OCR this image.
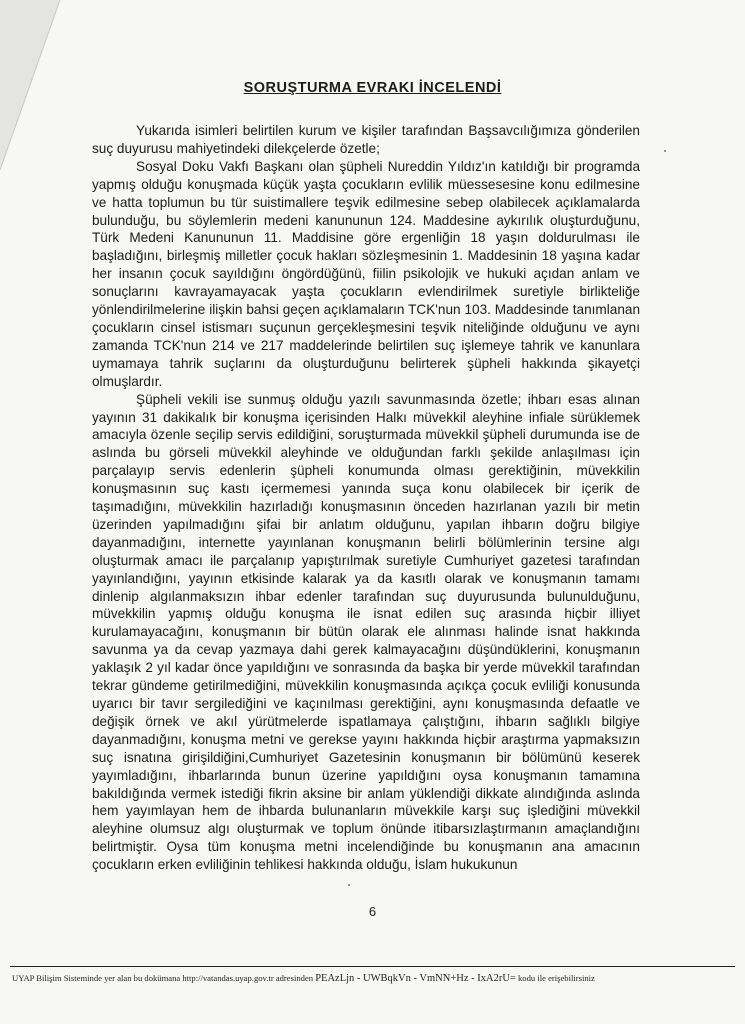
SORUŞTURMA EVRAKI İNCELENDİ

Yukarıda isimleri belirtilen kurum ve kişiler tarafından Başsavcılığımıza gönderilen suç duyurusu mahiyetindeki dilekçelerde özetle;

Sosyal Doku Vakfı Başkanı olan şüpheli Nureddin Yıldız'ın katıldığı bir programda yapmış olduğu konuşmada küçük yaşta çocukların evlilik müessesesine konu edilmesine ve hatta toplumun bu tür suistimallere teşvik edilmesine sebep olabilecek açıklamalarda bulunduğu, bu söylemlerin medeni kanununun 124. Maddesine aykırılık oluşturduğunu, Türk Medeni Kanununun 11. Maddisine göre ergenliğin 18 yaşın doldurulması ile başladığını, birleşmiş milletler çocuk hakları sözleşmesinin 1. Maddesinin 18 yaşına kadar her insanın çocuk sayıldığını öngördüğünü, fiilin psikolojik ve hukuki açıdan anlam ve sonuçlarını kavrayamayacak yaşta çocukların evlendirilmek suretiyle birlikteliğe yönlendirilmelerine ilişkin bahsi geçen açıklamaların TCK'nun 103. Maddesinde tanımlanan çocukların cinsel istismarı suçunun gerçekleşmesini teşvik niteliğinde olduğunu ve aynı zamanda TCK'nun 214 ve 217 maddelerinde belirtilen suç işlemeye tahrik ve kanunlara uymamaya tahrik suçlarını da oluşturduğunu belirterek şüpheli hakkında şikayetçi olmuşlardır.

Şüpheli vekili ise sunmuş olduğu yazılı savunmasında özetle; ihbarı esas alınan yayının 31 dakikalık bir konuşma içerisinden Halkı müvekkil aleyhine infiale sürüklemek amacıyla özenle seçilip servis edildiğini, soruşturmada müvekkil şüpheli durumunda ise de aslında bu görseli müvekkil aleyhinde ve olduğundan farklı şekilde anlaşılması için parçalayıp servis edenlerin şüpheli konumunda olması gerektiğinin, müvekkilin konuşmasının suç kastı içermemesi yanında suça konu olabilecek bir içerik de taşımadığını, müvekkilin hazırladığı konuşmasının önceden hazırlanan yazılı bir metin üzerinden yapılmadığını şifai bir anlatım olduğunu, yapılan ihbarın doğru bilgiye dayanmadığını, internette yayınlanan konuşmanın belirli bölümlerinin tersine algı oluşturmak amacı ile parçalanıp yapıştırılmak suretiyle Cumhuriyet gazetesi tarafından yayınlandığını, yayının etkisinde kalarak ya da kasıtlı olarak ve konuşmanın tamamı dinlenip algılanmaksızın ihbar edenler tarafından suç duyurusunda bulunulduğunu, müvekkilin yapmış olduğu konuşma ile isnat edilen suç arasında hiçbir illiyet kurulamayacağını, konuşmanın bir bütün olarak ele alınması halinde isnat hakkında savunma ya da cevap yazmaya dahi gerek kalmayacağını düşündüklerini, konuşmanın yaklaşık 2 yıl kadar önce yapıldığını ve sonrasında da başka bir yerde müvekkil tarafından tekrar gündeme getirilmediğini, müvekkilin konuşmasında açıkça çocuk evliliği konusunda uyarıcı bir tavır sergilediğini ve kaçınılması gerektiğini, aynı konuşmasında defaatle ve değişik örnek ve akıl yürütmelerde ispatlamaya çalıştığını, ihbarın sağlıklı bilgiye dayanmadığını, konuşma metni ve gerekse yayını hakkında hiçbir araştırma yapmaksızın suç isnatına girişildiğini,Cumhuriyet Gazetesinin konuşmanın bir bölümünü keserek yayımladığını, ihbarlarında bunun üzerine yapıldığını oysa konuşmanın tamamına bakıldığında vermek istediği fikrin aksine bir anlam yüklendiği dikkate alındığında aslında hem yayımlayan hem de ihbarda bulunanların müvekkile karşı suç işlediğini müvekkil aleyhine olumsuz algı oluşturmak ve toplum önünde itibarsızlaştırmanın amaçlandığını belirtmiştir. Oysa tüm konuşma metni incelendiğinde bu konuşmanın ana amacının çocukların erken evliliğinin tehlikesi hakkında olduğu, İslam hukukunun

6
UYAP Bilişim Sisteminde yer alan bu dokümana http://vatandas.uyap.gov.tr adresinden PEAzLjn - UWBqkVn - VmNN+Hz - IxA2rU= kodu ile erişebilirsiniz
